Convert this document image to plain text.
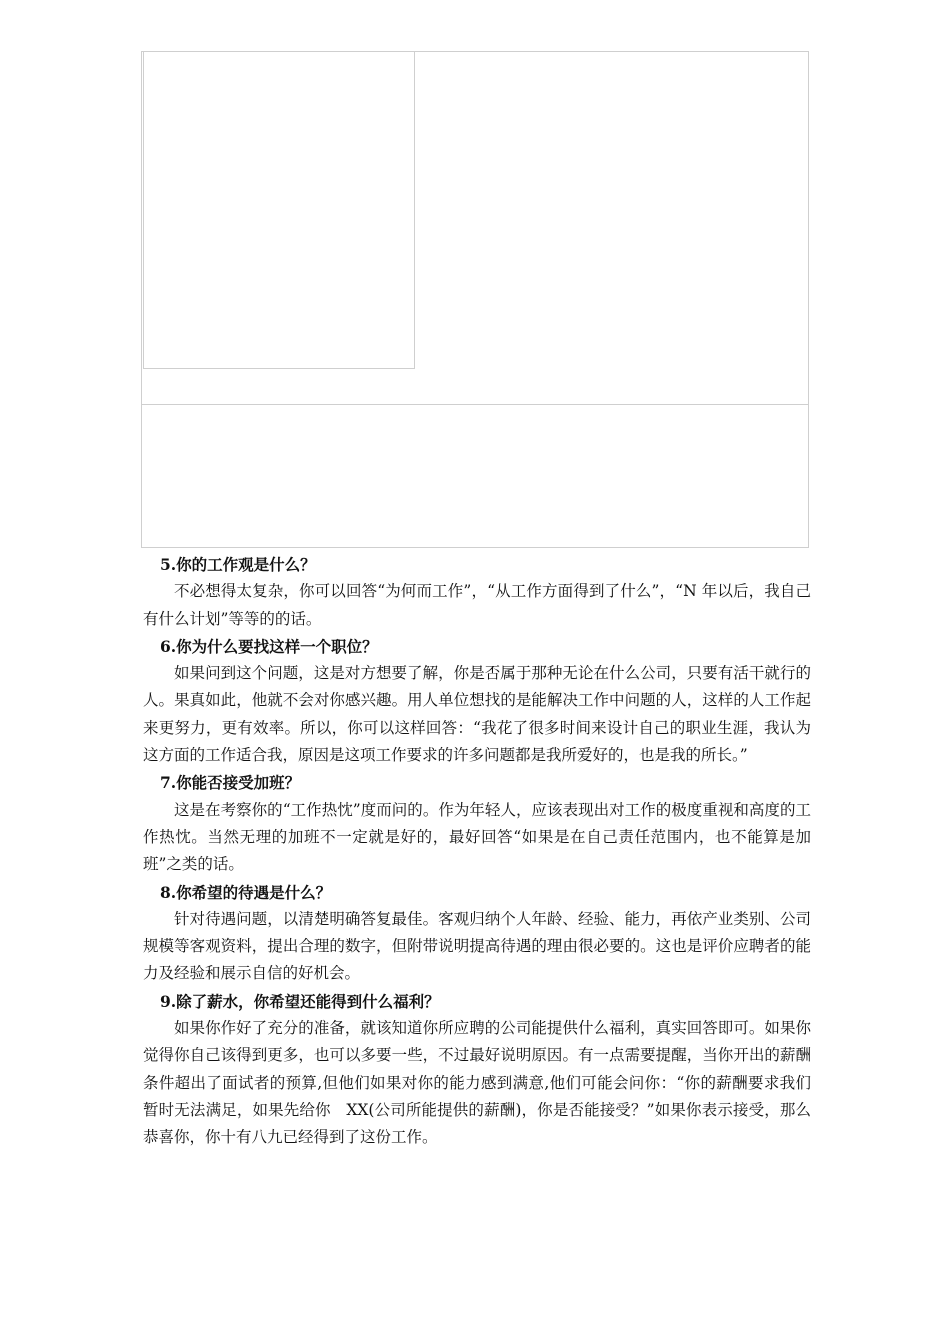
5.你的工作观是什么？

不必想得太复杂，你可以回答“为何而工作”，“从工作方面得到了什么”，“N 年以后，我自己有什么计划”等等的的话。

6.你为什么要找这样一个职位？

如果问到这个问题，这是对方想要了解，你是否属于那种无论在什么公司，只要有活干就行的人。果真如此，他就不会对你感兴趣。用人单位想找的是能解决工作中问题的人，这样的人工作起来更努力，更有效率。所以，你可以这样回答：“我花了很多时间来设计自己的职业生涯，我认为这方面的工作适合我，原因是这项工作要求的许多问题都是我所爱好的，也是我的所长。”

7.你能否接受加班？

这是在考察你的“工作热忱”度而问的。作为年轻人，应该表现出对工作的极度重视和高度的工作热忱。当然无理的加班不一定就是好的，最好回答“如果是在自己责任范围内，也不能算是加班”之类的话。

8.你希望的待遇是什么？

针对待遇问题，以清楚明确答复最佳。客观归纳个人年龄、经验、能力，再依产业类别、公司规模等客观资料，提出合理的数字，但附带说明提高待遇的理由很必要的。这也是评价应聘者的能力及经验和展示自信的好机会。

9.除了薪水，你希望还能得到什么福利？

如果你作好了充分的准备，就该知道你所应聘的公司能提供什么福利，真实回答即可。如果你觉得你自己该得到更多，也可以多要一些，不过最好说明原因。有一点需要提醒，当你开出的薪酬条件超出了面试者的预算,但他们如果对你的能力感到满意,他们可能会问你：“你的薪酬要求我们暂时无法满足，如果先给你　XX(公司所能提供的薪酬)，你是否能接受？”如果你表示接受，那么恭喜你，你十有八九已经得到了这份工作。
